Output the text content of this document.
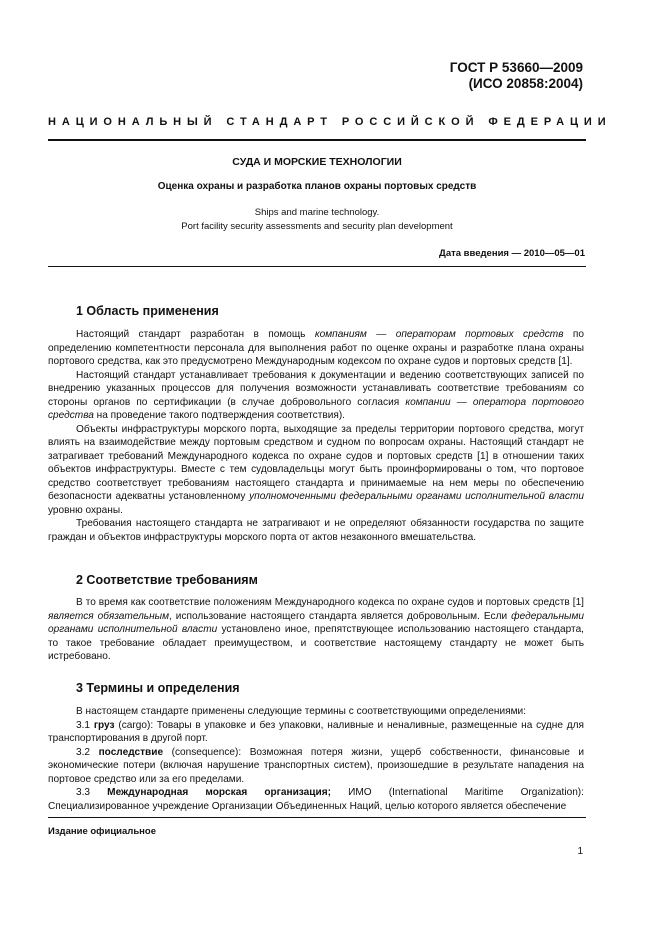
ГОСТ Р 53660—2009
(ИСО 20858:2004)
НАЦИОНАЛЬНЫЙ СТАНДАРТ РОССИЙСКОЙ ФЕДЕРАЦИИ
СУДА И МОРСКИЕ ТЕХНОЛОГИИ
Оценка охраны и разработка планов охраны портовых средств
Ships and marine technology.
Port facility security assessments and security plan development
Дата введения — 2010—05—01
1 Область применения

Настоящий стандарт разработан в помощь компаниям — операторам портовых средств по определению компетентности персонала для выполнения работ по оценке охраны и разработке плана охраны портового средства, как это предусмотрено Международным кодексом по охране судов и портовых средств [1].

Настоящий стандарт устанавливает требования к документации и ведению соответствующих записей по внедрению указанных процессов для получения возможности устанавливать соответствие требованиям со стороны органов по сертификации (в случае добровольного согласия компании — оператора портового средства на проведение такого подтверждения соответствия).

Объекты инфраструктуры морского порта, выходящие за пределы территории портового средства, могут влиять на взаимодействие между портовым средством и судном по вопросам охраны. Настоящий стандарт не затрагивает требований Международного кодекса по охране судов и портовых средств [1] в отношении таких объектов инфраструктуры. Вместе с тем судовладельцы могут быть проинформированы о том, что портовое средство соответствует требованиям настоящего стандарта и принимаемые на нем меры по обеспечению безопасности адекватны установленному уполномоченными федеральными органами исполнительной власти уровню охраны.

Требования настоящего стандарта не затрагивают и не определяют обязанности государства по защите граждан и объектов инфраструктуры морского порта от актов незаконного вмешательства.

2 Соответствие требованиям

В то время как соответствие положениям Международного кодекса по охране судов и портовых средств [1] является обязательным, использование настоящего стандарта является добровольным. Если федеральными органами исполнительной власти установлено иное, препятствующее использованию настоящего стандарта, то такое требование обладает преимуществом, и соответствие настоящему стандарту не может быть истребовано.

3 Термины и определения

В настоящем стандарте применены следующие термины с соответствующими определениями:

3.1 груз (cargo): Товары в упаковке и без упаковки, наливные и неналивные, размещенные на судне для транспортирования в другой порт.

3.2 последствие (consequence): Возможная потеря жизни, ущерб собственности, финансовые и экономические потери (включая нарушение транспортных систем), произошедшие в результате нападения на портовое средство или за его пределами.

3.3 Международная морская организация; ИМО (International Maritime Organization): Специализированное учреждение Организации Объединенных Наций, целью которого является обеспечение

Издание официальное
1
